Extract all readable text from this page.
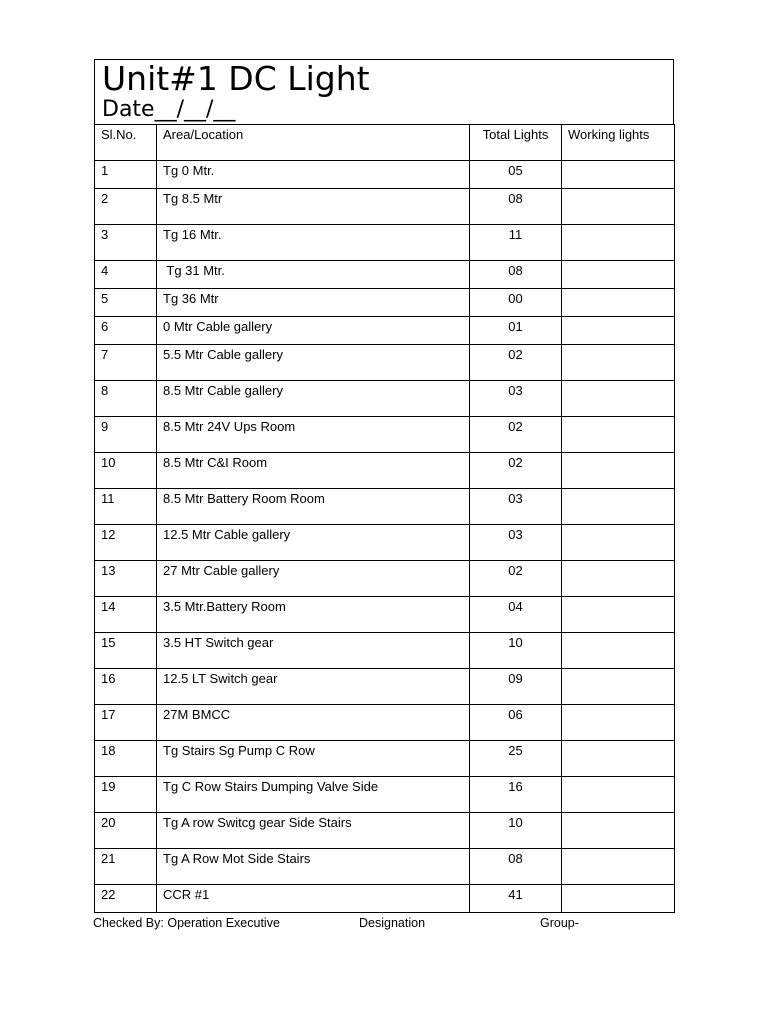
Unit#1 DC Light
Date__/__/__
Sl.No.	Area/Location	Total Lights	Working lights
1	Tg 0 Mtr.	05	
2	Tg 8.5 Mtr	08	
3	Tg 16 Mtr.	11	
4	Tg 31 Mtr.	08	
5	Tg 36 Mtr	00	
6	0 Mtr Cable gallery	01	
7	5.5 Mtr Cable gallery	02	
8	8.5 Mtr Cable gallery	03	
9	8.5 Mtr 24V Ups Room	02	
10	8.5 Mtr C&I Room	02	
11	8.5 Mtr Battery Room Room	03	
12	12.5 Mtr Cable gallery	03	
13	27 Mtr Cable gallery	02	
14	3.5 Mtr.Battery Room	04	
15	3.5 HT Switch gear	10	
16	12.5 LT Switch gear	09	
17	27M BMCC	06	
18	Tg Stairs Sg Pump C Row	25	
19	Tg C Row Stairs Dumping Valve Side	16	
20	Tg A row Switcg gear Side Stairs	10	
21	Tg A Row Mot Side Stairs	08	
22	CCR #1	41	
Checked By: Operation Executive	Designation	Group-
